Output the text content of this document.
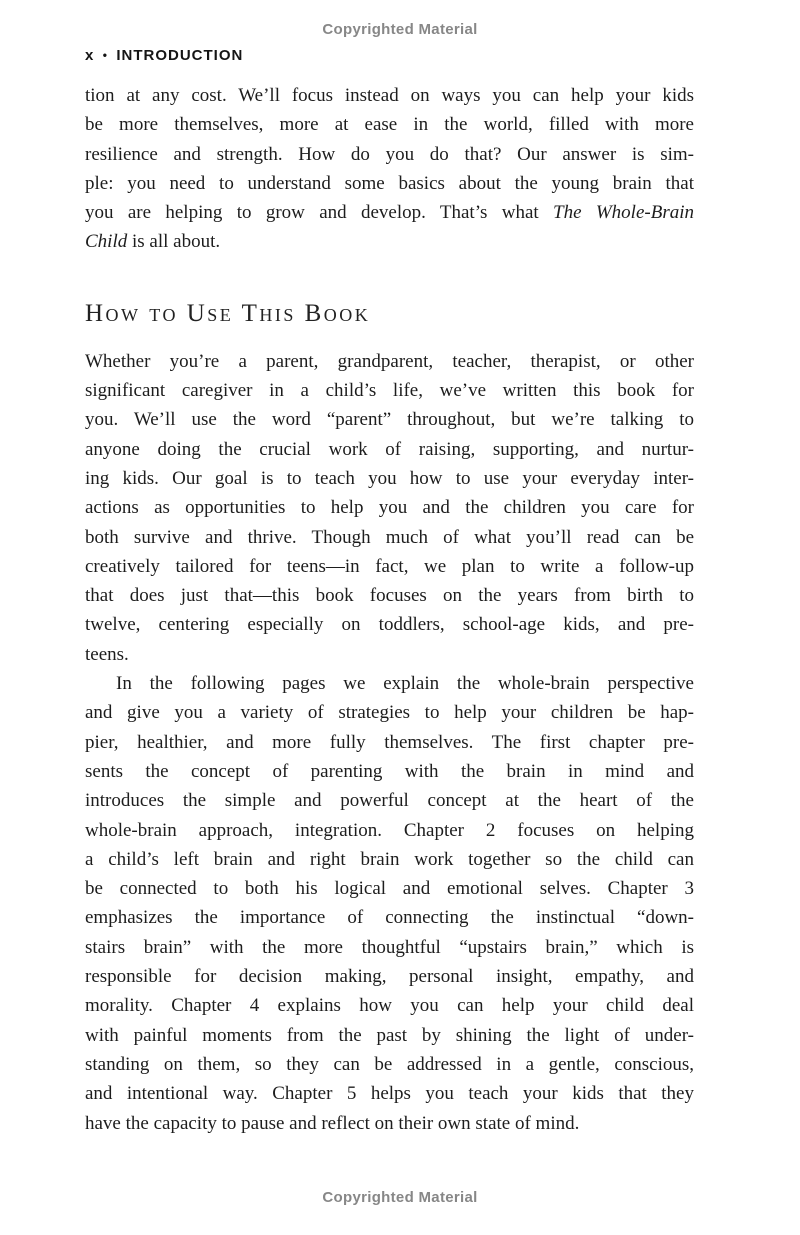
Copyrighted Material
x • INTRODUCTION
tion at any cost. We’ll focus instead on ways you can help your kids
be more themselves, more at ease in the world, filled with more
resilience and strength. How do you do that? Our answer is sim-
ple: you need to understand some basics about the young brain that
you are helping to grow and develop. That’s what The Whole-Brain
Child is all about.
How to Use This Book
Whether you’re a parent, grandparent, teacher, therapist, or other
significant caregiver in a child’s life, we’ve written this book for
you. We’ll use the word “parent” throughout, but we’re talking to
anyone doing the crucial work of raising, supporting, and nurtur-
ing kids. Our goal is to teach you how to use your everyday inter-
actions as opportunities to help you and the children you care for
both survive and thrive. Though much of what you’ll read can be
creatively tailored for teens—in fact, we plan to write a follow-up
that does just that—this book focuses on the years from birth to
twelve, centering especially on toddlers, school-age kids, and pre-
teens.
In the following pages we explain the whole-brain perspective
and give you a variety of strategies to help your children be hap-
pier, healthier, and more fully themselves. The first chapter pre-
sents the concept of parenting with the brain in mind and
introduces the simple and powerful concept at the heart of the
whole-brain approach, integration. Chapter 2 focuses on helping
a child’s left brain and right brain work together so the child can
be connected to both his logical and emotional selves. Chapter 3
emphasizes the importance of connecting the instinctual “down-
stairs brain” with the more thoughtful “upstairs brain,” which is
responsible for decision making, personal insight, empathy, and
morality. Chapter 4 explains how you can help your child deal
with painful moments from the past by shining the light of under-
standing on them, so they can be addressed in a gentle, conscious,
and intentional way. Chapter 5 helps you teach your kids that they
have the capacity to pause and reflect on their own state of mind.
Copyrighted Material
